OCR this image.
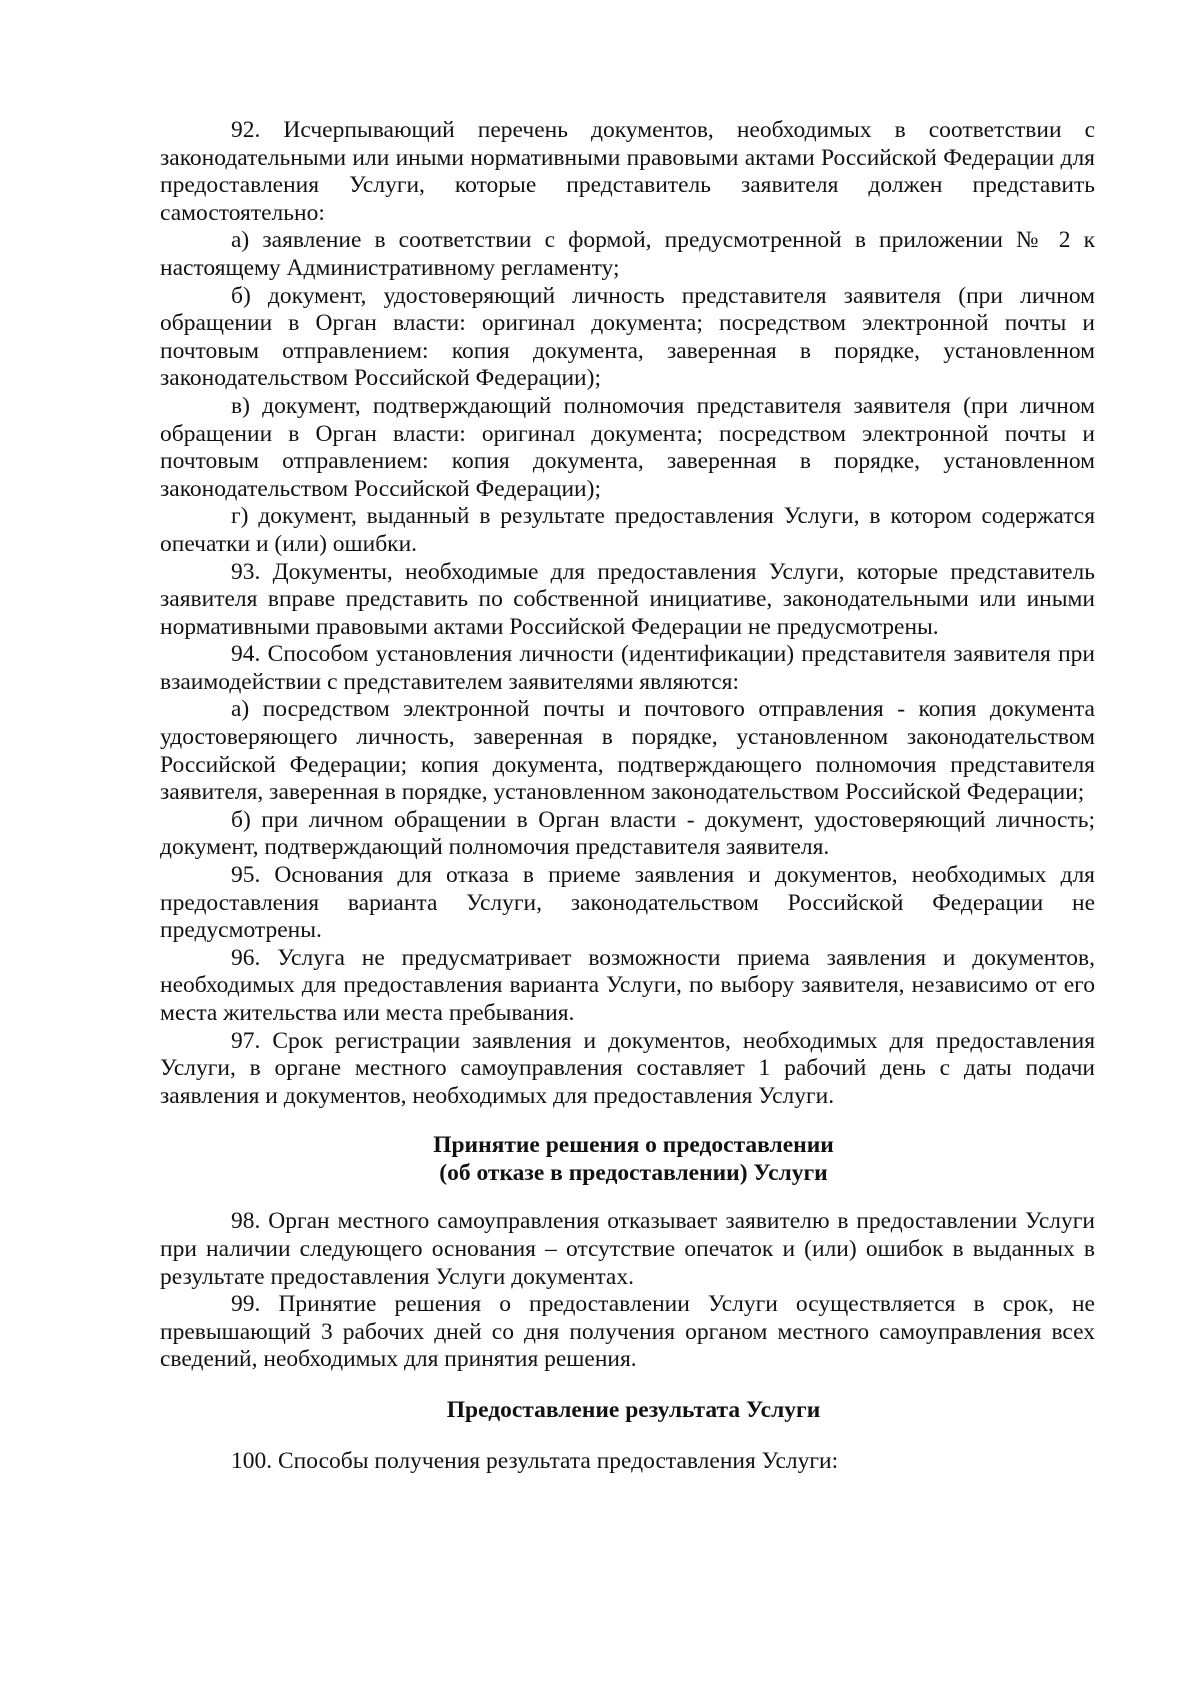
92. Исчерпывающий перечень документов, необходимых в соответствии с законодательными или иными нормативными правовыми актами Российской Федерации для предоставления Услуги, которые представитель заявителя должен представить самостоятельно:

а) заявление в соответствии с формой, предусмотренной в приложении № 2 к настоящему Административному регламенту;

б) документ, удостоверяющий личность представителя заявителя (при личном обращении в Орган власти: оригинал документа; посредством электронной почты и почтовым отправлением: копия документа, заверенная в порядке, установленном законодательством Российской Федерации);

в) документ, подтверждающий полномочия представителя заявителя (при личном обращении в Орган власти: оригинал документа; посредством электронной почты и почтовым отправлением: копия документа, заверенная в порядке, установленном законодательством Российской Федерации);

г) документ, выданный в результате предоставления Услуги, в котором содержатся опечатки и (или) ошибки.

93. Документы, необходимые для предоставления Услуги, которые представитель заявителя вправе представить по собственной инициативе, законодательными или иными нормативными правовыми актами Российской Федерации не предусмотрены.

94. Способом установления личности (идентификации) представителя заявителя при взаимодействии с представителем заявителями являются:

а) посредством электронной почты и почтового отправления - копия документа удостоверяющего личность, заверенная в порядке, установленном законодательством Российской Федерации; копия документа, подтверждающего полномочия представителя заявителя, заверенная в порядке, установленном законодательством Российской Федерации;

б) при личном обращении в Орган власти - документ, удостоверяющий личность; документ, подтверждающий полномочия представителя заявителя.

95. Основания для отказа в приеме заявления и документов, необходимых для предоставления варианта Услуги, законодательством Российской Федерации не предусмотрены.

96. Услуга не предусматривает возможности приема заявления и документов, необходимых для предоставления варианта Услуги, по выбору заявителя, независимо от его места жительства или места пребывания.

97. Срок регистрации заявления и документов, необходимых для предоставления Услуги, в органе местного самоуправления составляет 1 рабочий день с даты подачи заявления и документов, необходимых для предоставления Услуги.

Принятие решения о предоставлении

(об отказе в предоставлении) Услуги

98. Орган местного самоуправления отказывает заявителю в предоставлении Услуги при наличии следующего основания – отсутствие опечаток и (или) ошибок в выданных в результате предоставления Услуги документах.

99. Принятие решения о предоставлении Услуги осуществляется в срок, не превышающий 3 рабочих дней со дня получения органом местного самоуправления всех сведений, необходимых для принятия решения.

Предоставление результата Услуги

100. Способы получения результата предоставления Услуги:
